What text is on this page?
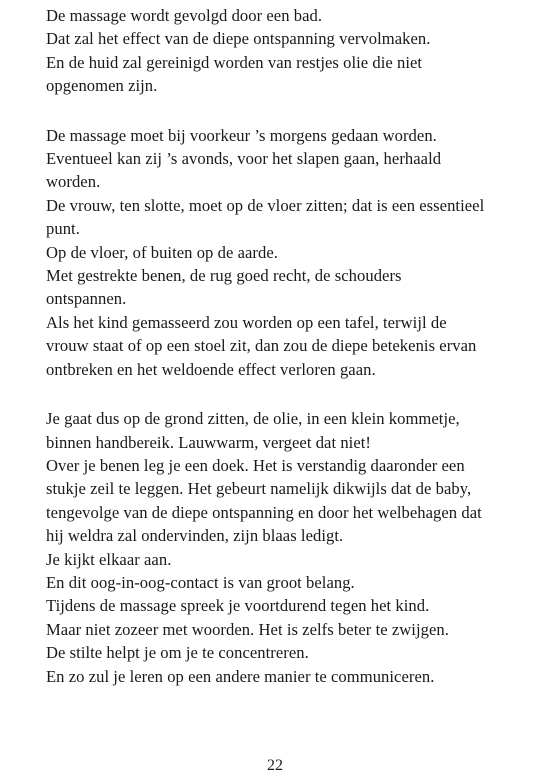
De massage wordt gevolgd door een bad.
Dat zal het effect van de diepe ontspanning vervolmaken.
En de huid zal gereinigd worden van restjes olie die niet
opgenomen zijn.
De massage moet bij voorkeur ’s morgens gedaan worden.
Eventueel kan zij ’s avonds, voor het slapen gaan, herhaald
worden.
De vrouw, ten slotte, moet op de vloer zitten; dat is een essentieel
punt.
Op de vloer, of buiten op de aarde.
Met gestrekte benen, de rug goed recht, de schouders
ontspannen.
Als het kind gemasseerd zou worden op een tafel, terwijl de
vrouw staat of op een stoel zit, dan zou de diepe betekenis ervan
ontbreken en het weldoende effect verloren gaan.
Je gaat dus op de grond zitten, de olie, in een klein kommetje,
binnen handbereik. Lauwwarm, vergeet dat niet!
Over je benen leg je een doek. Het is verstandig daaronder een
stukje zeil te leggen. Het gebeurt namelijk dikwijls dat de baby,
tengevolge van de diepe ontspanning en door het welbehagen dat
hij weldra zal ondervinden, zijn blaas ledigt.
Je kijkt elkaar aan.
En dit oog-in-oog-contact is van groot belang.
Tijdens de massage spreek je voortdurend tegen het kind.
Maar niet zozeer met woorden. Het is zelfs beter te zwijgen.
De stilte helpt je om je te concentreren.
En zo zul je leren op een andere manier te communiceren.
22
